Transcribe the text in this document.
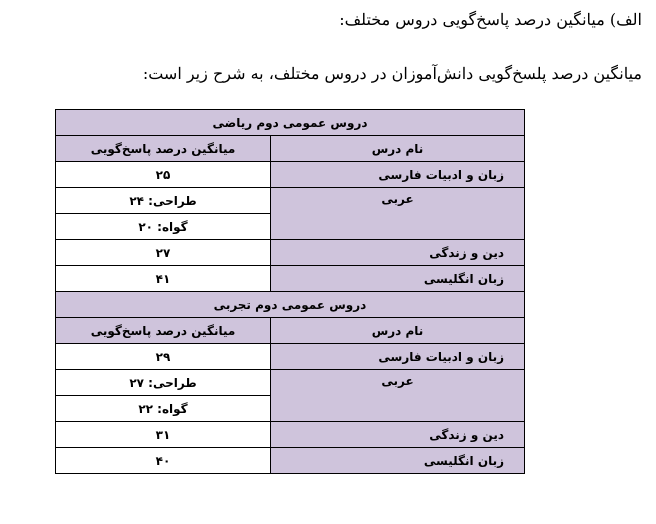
الف) میانگین درصد پاسخ‌گویی دروس مختلف:
میانگین درصد پلسخ‌گویی دانش‌آموزان در دروس مختلف، به شرح زیر است:
دروس عمومی دوم ریاضی	
نام درس	میانگین درصد پاسخ‌گویی
زبان و ادبیات فارسی	۲۵
عربی	طراحی: ۲۴
	گواه: ۲۰
دین و زندگی	۲۷
زبان انگلیسی	۴۱
دروس عمومی دوم تجربی	
نام درس	میانگین درصد پاسخ‌گویی
زبان و ادبیات فارسی	۲۹
عربی	طراحی: ۲۷
	گواه: ۲۲
دین و زندگی	۳۱
زبان انگلیسی	۴۰
